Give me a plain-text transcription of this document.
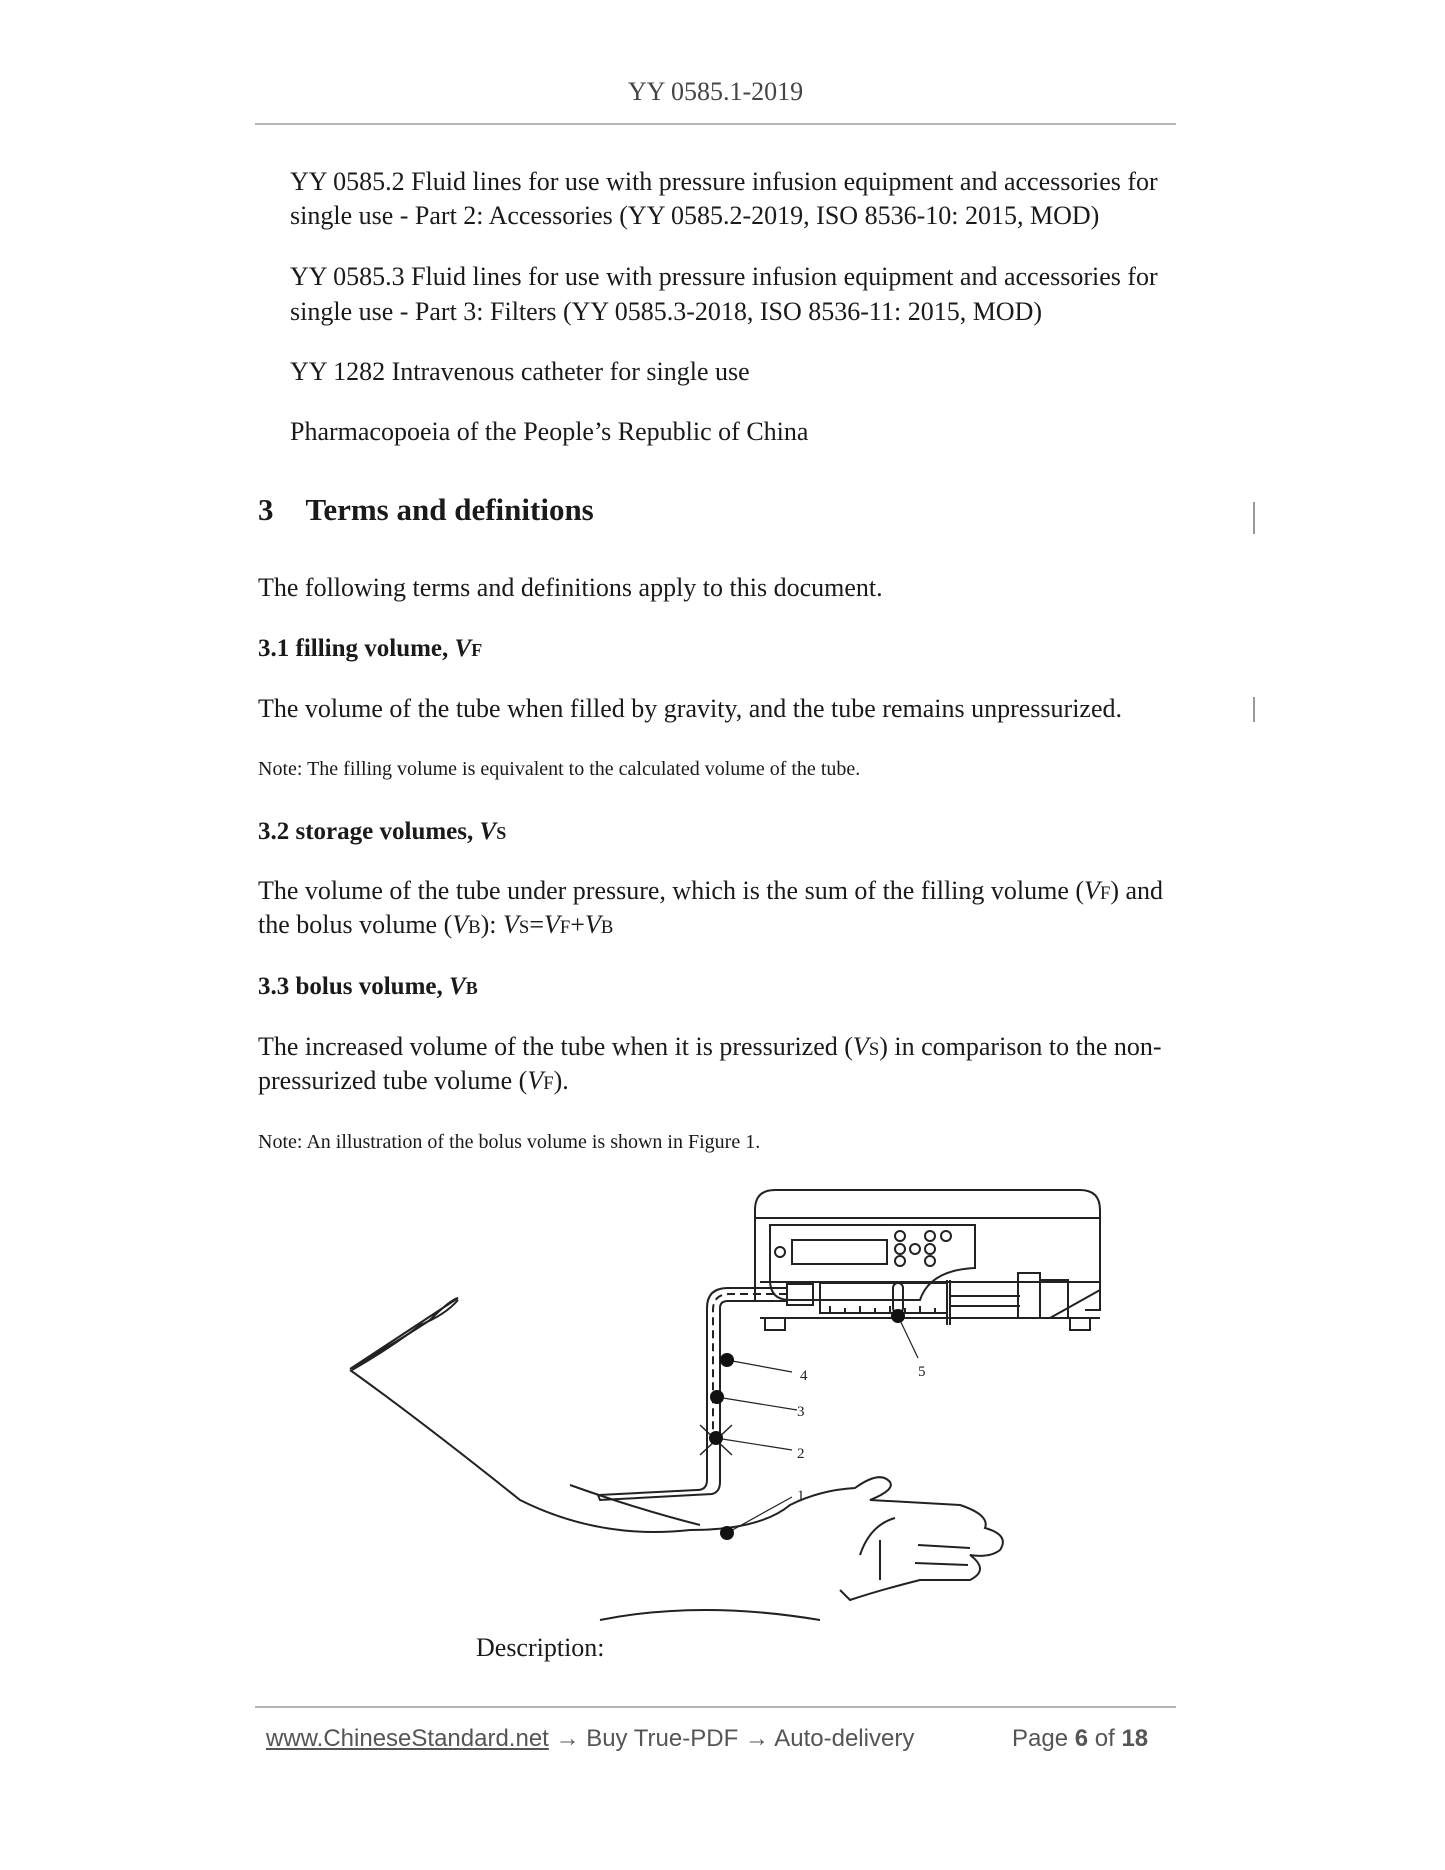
YY 0585.1-2019
YY 0585.2 Fluid lines for use with pressure infusion equipment and accessories for
single use - Part 2: Accessories (YY 0585.2-2019, ISO 8536-10: 2015, MOD)
YY 0585.3 Fluid lines for use with pressure infusion equipment and accessories for
single use - Part 3: Filters (YY 0585.3-2018, ISO 8536-11: 2015, MOD)
YY 1282 Intravenous catheter for single use
Pharmacopoeia of the People’s Republic of China
3 Terms and definitions
The following terms and definitions apply to this document.
3.1 filling volume, VF
The volume of the tube when filled by gravity, and the tube remains unpressurized.
Note: The filling volume is equivalent to the calculated volume of the tube.
3.2 storage volumes, VS
The volume of the tube under pressure, which is the sum of the filling volume (VF) and
the bolus volume (VB): VS=VF+VB
3.3 bolus volume, VB
The increased volume of the tube when it is pressurized (VS) in comparison to the non-
pressurized tube volume (VF).
Note: An illustration of the bolus volume is shown in Figure 1.
1
2
3
4	5
Description:
www.ChineseStandard.net → Buy True-PDF → Auto-delivery	Page 6 of 18
